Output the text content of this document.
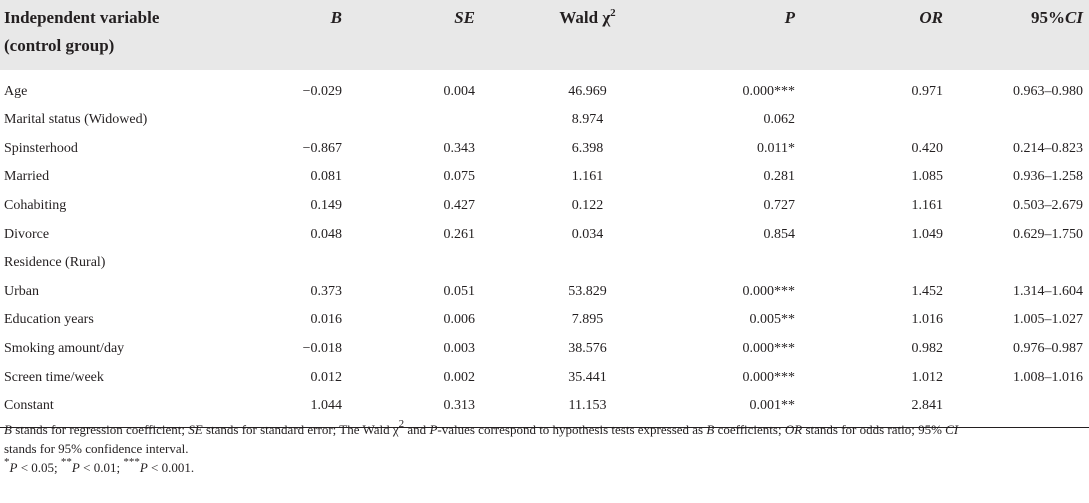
Independent variable
(control group)	B	SE	Wald $\chi^2$	P	OR	95%CI
Age	−0.029	0.004	46.969	0.000***	0.971	0.963–0.980
Marital status (Widowed)			8.974	0.062		
Spinsterhood	−0.867	0.343	6.398	0.011*	0.420	0.214–0.823
Married	0.081	0.075	1.161	0.281	1.085	0.936–1.258
Cohabiting	0.149	0.427	0.122	0.727	1.161	0.503–2.679
Divorce	0.048	0.261	0.034	0.854	1.049	0.629–1.750
Residence (Rural)						
Urban	0.373	0.051	53.829	0.000***	1.452	1.314–1.604
Education years	0.016	0.006	7.895	0.005**	1.016	1.005–1.027
Smoking amount/day	−0.018	0.003	38.576	0.000***	0.982	0.976–0.987
Screen time/week	0.012	0.002	35.441	0.000***	1.012	1.008–1.016
Constant	1.044	0.313	11.153	0.001**	2.841	

B stands for regression coefficient; SE stands for standard error; The Wald $\chi^2$ and P-values correspond to hypothesis tests expressed as B coefficients; OR stands for odds ratio; 95% CI
stands for 95% confidence interval.

*P < 0.05; **P < 0.01; ***P < 0.001.
